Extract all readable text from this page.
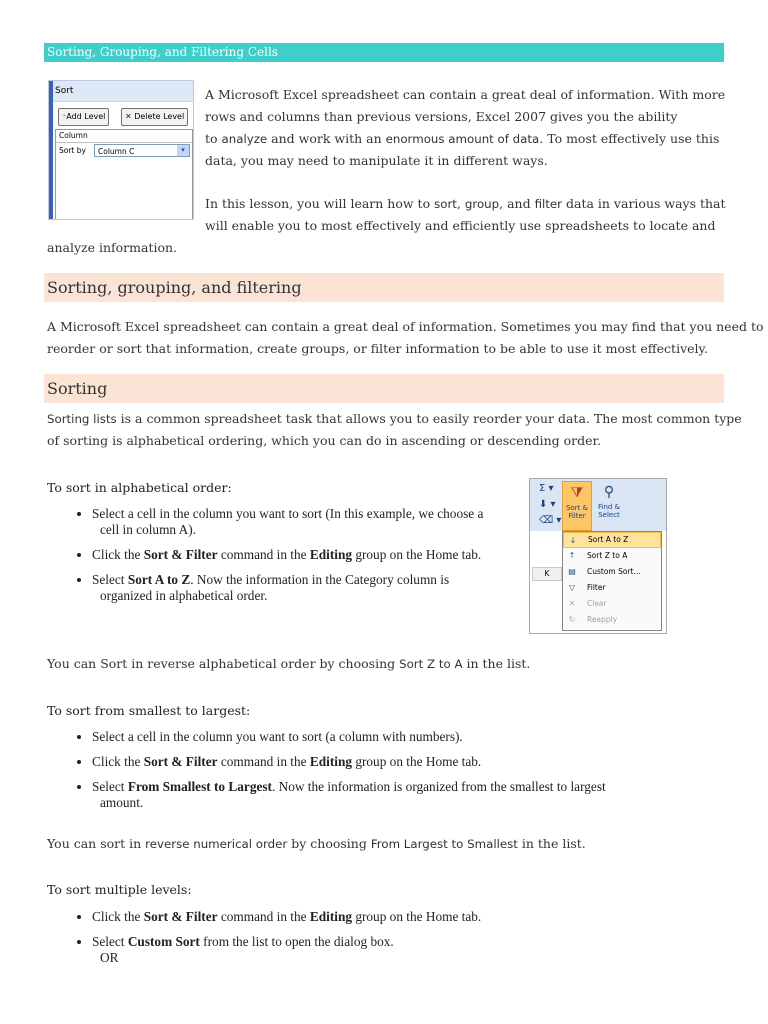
Sorting, Grouping, and Filtering Cells
Sort
⁺Add Level	✕ Delete Level
Column
Sort by	Column C	▾
A Microsoft Excel spreadsheet can contain a great deal of information. With more
rows and columns than previous versions, Excel 2007 gives you the ability
to analyze and work with an enormous amount of data. To most effectively use this
data, you may need to manipulate it in different ways.
In this lesson, you will learn how to sort, group, and filter data in various ways that
will enable you to most effectively and efficiently use spreadsheets to locate and
analyze information.
Sorting, grouping, and filtering
A Microsoft Excel spreadsheet can contain a great deal of information. Sometimes you may find that you need to
reorder or sort that information, create groups, or filter information to be able to use it most effectively.
Sorting
Sorting lists is a common spreadsheet task that allows you to easily reorder your data. The most common type
of sorting is alphabetical ordering, which you can do in ascending or descending order.
To sort in alphabetical order:
• Select a cell in the column you want to sort (In this example, we choose a
cell in column A).
• Click the Sort & Filter command in the Editing group on the Home tab.
• Select Sort A to Z. Now the information in the Category column is
organized in alphabetical order.
Σ ▾
⬇ ▾
⌫ ▾
⧩
Sort &
Filter
⚲
Find &
Select
K
↓	Sort A to Z
↑	Sort Z to A
▤ Custom Sort...
▽	Filter
✕	Clear
↻	Reapply
You can Sort in reverse alphabetical order by choosing Sort Z to A in the list.
To sort from smallest to largest:
• Select a cell in the column you want to sort (a column with numbers).
• Click the Sort & Filter command in the Editing group on the Home tab.
• Select From Smallest to Largest. Now the information is organized from the smallest to largest
amount.
You can sort in reverse numerical order by choosing From Largest to Smallest in the list.
To sort multiple levels:
• Click the Sort & Filter command in the Editing group on the Home tab.
• Select Custom Sort from the list to open the dialog box.
OR
